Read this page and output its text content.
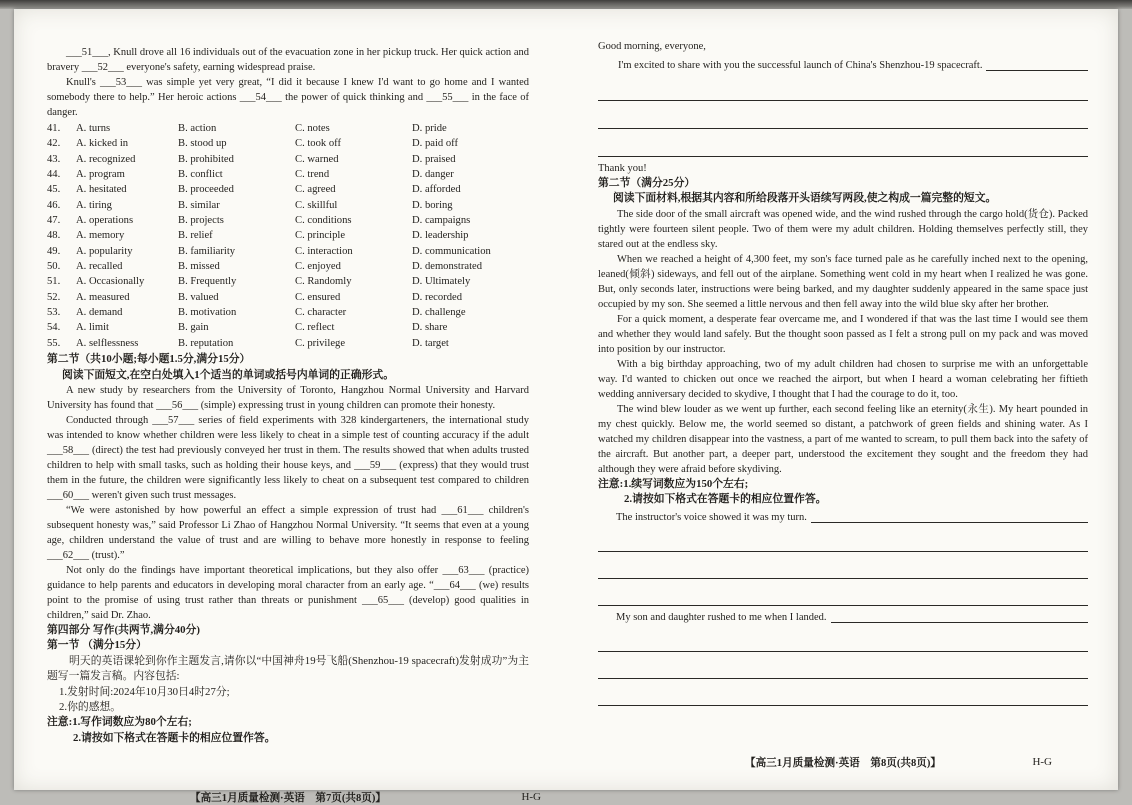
___51___, Knull drove all 16 individuals out of the evacuation zone in her pickup truck. Her quick action and bravery ___52___ everyone's safety, earning widespread praise.

Knull's ___53___ was simple yet very great, “I did it because I knew I'd want to go home and I wanted somebody there to help.” Her heroic actions ___54___ the power of quick thinking and ___55___ in the face of danger.

41.	A. turns	B. action	C. notes	D. pride
42.	A. kicked in	B. stood up	C. took off	D. paid off
43.	A. recognized	B. prohibited	C. warned	D. praised
44.	A. program	B. conflict	C. trend	D. danger
45.	A. hesitated	B. proceeded	C. agreed	D. afforded
46.	A. tiring	B. similar	C. skillful	D. boring
47.	A. operations	B. projects	C. conditions	D. campaigns
48.	A. memory	B. relief	C. principle	D. leadership
49.	A. popularity	B. familiarity	C. interaction	D. communication
50.	A. recalled	B. missed	C. enjoyed	D. demonstrated
51.	A. Occasionally	B. Frequently	C. Randomly	D. Ultimately
52.	A. measured	B. valued	C. ensured	D. recorded
53.	A. demand	B. motivation	C. character	D. challenge
54.	A. limit	B. gain	C. reflect	D. share
55.	A. selflessness	B. reputation	C. privilege	D. target
第二节（共10小题;每小题1.5分,满分15分）
阅读下面短文,在空白处填入1个适当的单词或括号内单词的正确形式。

A new study by researchers from the University of Toronto, Hangzhou Normal University and Harvard University has found that ___56___ (simple) expressing trust in young children can promote their honesty.

Conducted through ___57___ series of field experiments with 328 kindergarteners, the international study was intended to know whether children were less likely to cheat in a simple test of counting accuracy if the adult ___58___ (direct) the test had previously conveyed her trust in them. The results showed that when adults trusted children to help with small tasks, such as holding their house keys, and ___59___ (express) that they would trust them in the future, the children were significantly less likely to cheat on a subsequent test compared to children ___60___ weren't given such trust messages.

“We were astonished by how powerful an effect a simple expression of trust had ___61___ children's subsequent honesty was,” said Professor Li Zhao of Hangzhou Normal University. “It seems that even at a young age, children understand the value of trust and are willing to behave more honestly in response to feeling ___62___ (trust).”

Not only do the findings have important theoretical implications, but they also offer ___63___ (practice) guidance to help parents and educators in developing moral character from an early age. “___64___ (we) results point to the promise of using trust rather than threats or punishment ___65___ (develop) good qualities in children,” said Dr. Zhao.

第四部分 写作(共两节,满分40分)
第一节 （满分15分）

明天的英语课轮到你作主题发言,请你以“中国神舟19号飞船(Shenzhou-19 spacecraft)发射成功”为主题写一篇发言稿。内容包括:

1.发射时间:2024年10月30日4时27分;
2.你的感想。
注意:1.写作词数应为80个左右;
2.请按如下格式在答题卡的相应位置作答。
【高三1月质量检测·英语　第7页(共8页)】	H-G
Good morning, everyone,
I'm excited to share with you the successful launch of China's Shenzhou-19 spacecraft.
Thank you!
第二节（满分25分）
阅读下面材料,根据其内容和所给段落开头语续写两段,使之构成一篇完整的短文。

The side door of the small aircraft was opened wide, and the wind rushed through the cargo hold(货仓). Packed tightly were fourteen silent people. Two of them were my adult children. Holding themselves perfectly still, they stared out at the endless sky.

When we reached a height of 4,300 feet, my son's face turned pale as he carefully inched next to the opening, leaned(倾斜) sideways, and fell out of the airplane. Something went cold in my heart when I realized he was gone. But, only seconds later, instructions were being barked, and my daughter suddenly appeared in the same space just occupied by my son. She seemed a little nervous and then fell away into the wild blue sky after her brother.

For a quick moment, a desperate fear overcame me, and I wondered if that was the last time I would see them and whether they would land safely. But the thought soon passed as I felt a strong pull on my pack and was moved into position by our instructor.

With a big birthday approaching, two of my adult children had chosen to surprise me with an unforgettable way. I'd wanted to chicken out once we reached the airport, but when I heard a woman celebrating her fiftieth wedding anniversary decided to skydive, I thought that I had the courage to do it, too.

The wind blew louder as we went up further, each second feeling like an eternity(永生). My heart pounded in my chest quickly. Below me, the world seemed so distant, a patchwork of green fields and shining water. As I watched my children disappear into the vastness, a part of me wanted to scream, to pull them back into the safety of the aircraft. But another part, a deeper part, understood the excitement they sought and the freedom they had although they were afraid before skydiving.

注意:1.续写词数应为150个左右;
2.请按如下格式在答题卡的相应位置作答。
The instructor's voice showed it was my turn.
My son and daughter rushed to me when I landed.
【高三1月质量检测·英语　第8页(共8页)】	H-G
